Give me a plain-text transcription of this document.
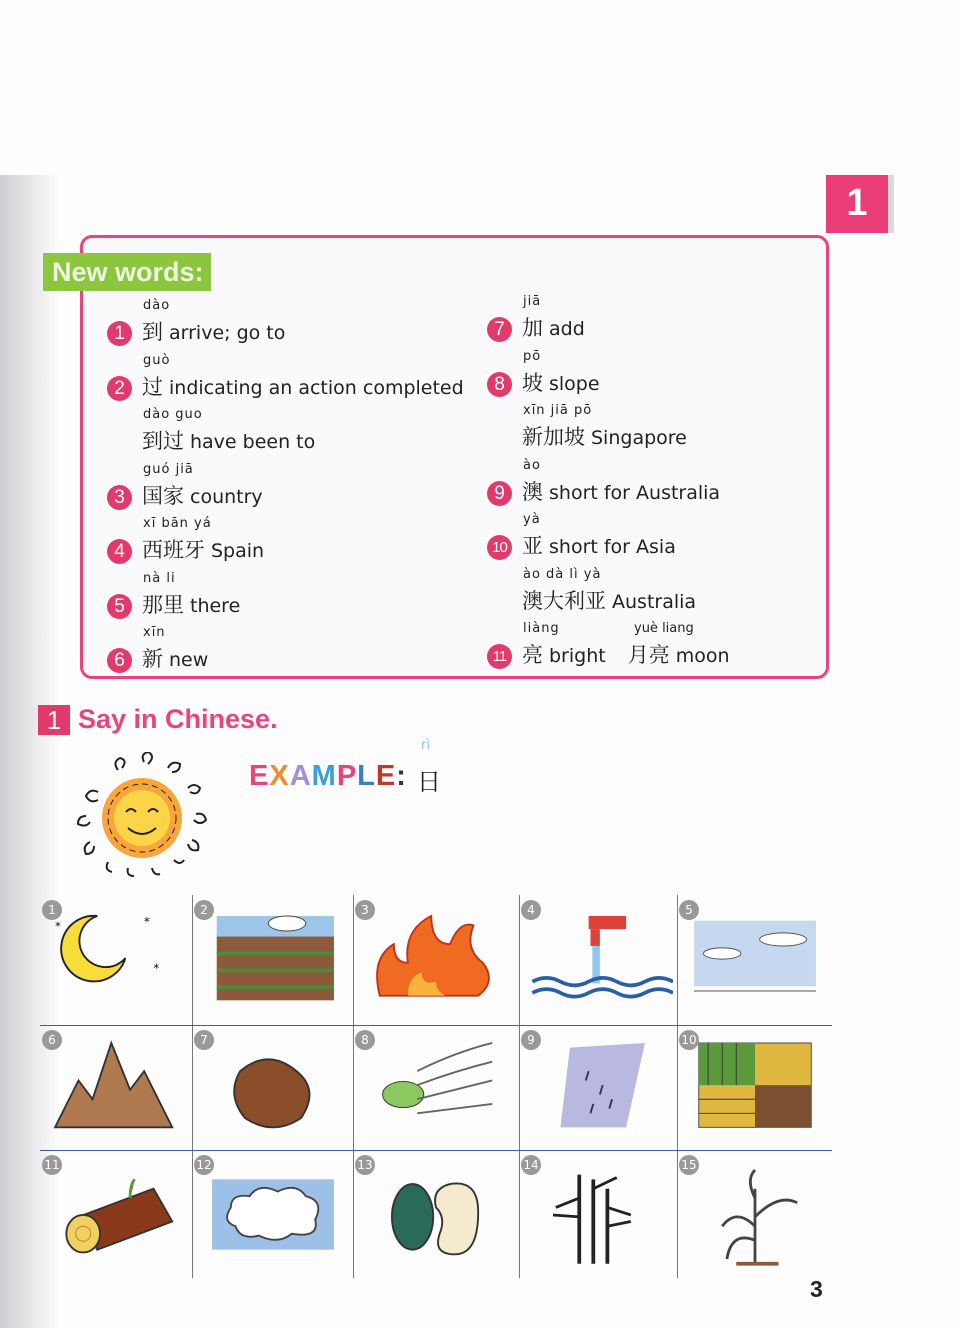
1
New words:
dào
1 到 arrive; go to
guò
2 过 indicating an action completed
dào guo
到过 have been to
guó jiā
3 国家 country
xī bān yá
4 西班牙 Spain
nà li
5 那里 there
xīn
6 新 new
jiā
7 加 add
pō
8 坡 slope
xīn jiā pō
新加坡 Singapore
ào
9 澳 short for Australia
yà
10 亚 short for Asia
ào dà lì yà
澳大利亚 Australia
liàng
11 亮 bright
yuè liang
月亮 moon
1 Say in Chinese.
rì
EXAMPLE: 日
1
*	*
*
2	3	4	5
6	7	8	9	10
11	12	13	14	15
3
